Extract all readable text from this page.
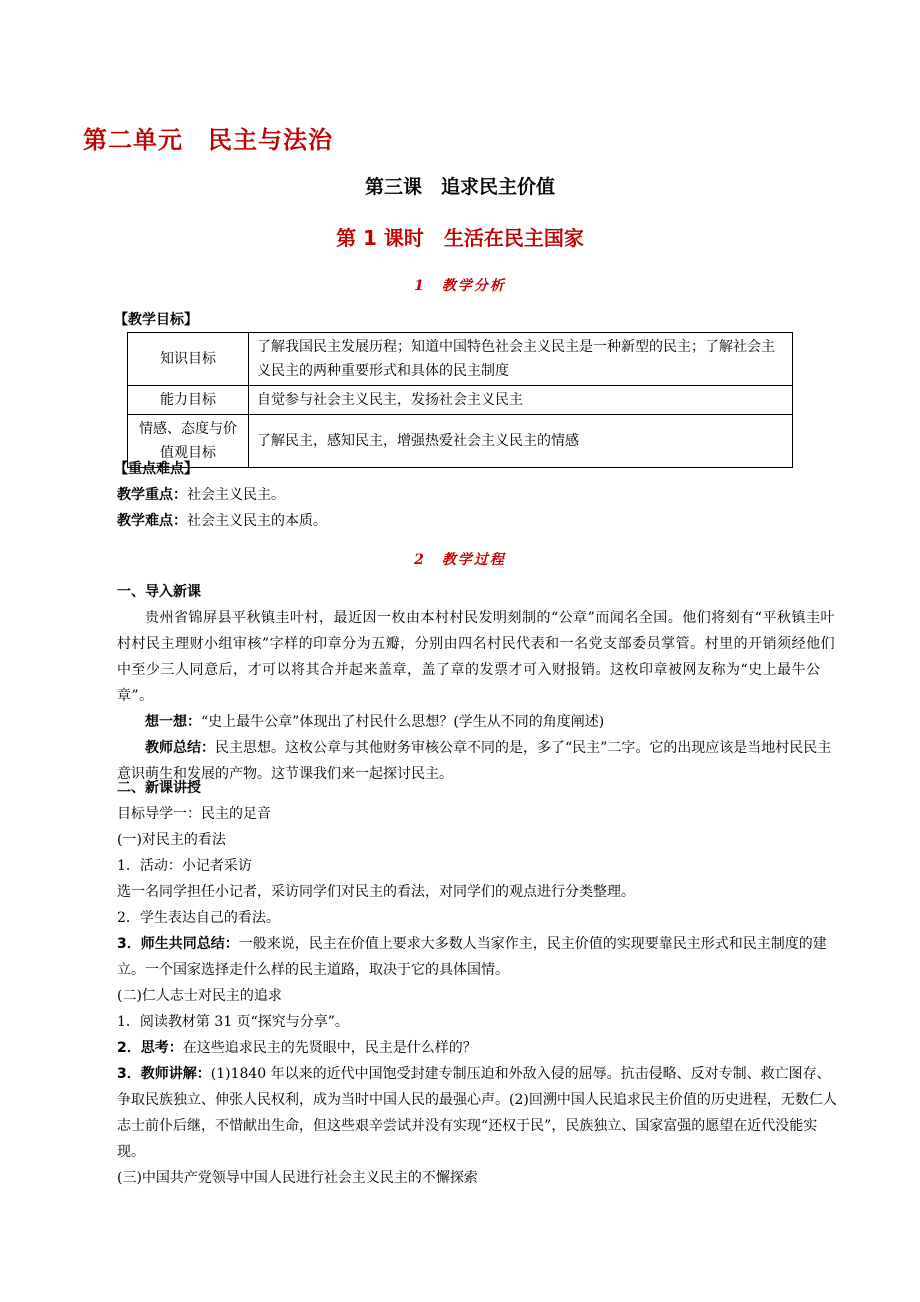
第二单元　民主与法治
第三课　追求民主价值
第 1 课时　生活在民主国家
1　教学分析
【教学目标】
知识目标	了解我国民主发展历程；知道中国特色社会主义民主是一种新型的民主；了解社会主义民主的两种重要形式和具体的民主制度
能力目标	自觉参与社会主义民主，发扬社会主义民主
情感、态度与价值观目标	了解民主，感知民主，增强热爱社会主义民主的情感

【重点难点】

教学重点：社会主义民主。

教学难点：社会主义民主的本质。

2　教学过程

一、导入新课

贵州省锦屏县平秋镇圭叶村，最近因一枚由本村村民发明刻制的“公章”而闻名全国。他们将刻有“平秋镇圭叶村村民主理财小组审核”字样的印章分为五瓣，分别由四名村民代表和一名党支部委员掌管。村里的开销须经他们中至少三人同意后，才可以将其合并起来盖章，盖了章的发票才可入财报销。这枚印章被网友称为“史上最牛公章”。

想一想：“史上最牛公章”体现出了村民什么思想？(学生从不同的角度阐述)

教师总结：民主思想。这枚公章与其他财务审核公章不同的是，多了“民主”二字。它的出现应该是当地村民民主意识萌生和发展的产物。这节课我们来一起探讨民主。

二、新课讲授

目标导学一：民主的足音

(一)对民主的看法

1．活动：小记者采访

选一名同学担任小记者，采访同学们对民主的看法，对同学们的观点进行分类整理。

2．学生表达自己的看法。

3．师生共同总结：一般来说，民主在价值上要求大多数人当家作主，民主价值的实现要靠民主形式和民主制度的建立。一个国家选择走什么样的民主道路，取决于它的具体国情。

(二)仁人志士对民主的追求

1．阅读教材第 31 页“探究与分享”。

2．思考：在这些追求民主的先贤眼中，民主是什么样的？

3．教师讲解：(1)1840 年以来的近代中国饱受封建专制压迫和外敌入侵的屈辱。抗击侵略、反对专制、救亡图存、争取民族独立、伸张人民权利，成为当时中国人民的最强心声。(2)回溯中国人民追求民主价值的历史进程，无数仁人志士前仆后继，不惜献出生命，但这些艰辛尝试并没有实现“还权于民”，民族独立、国家富强的愿望在近代没能实现。

(三)中国共产党领导中国人民进行社会主义民主的不懈探索
